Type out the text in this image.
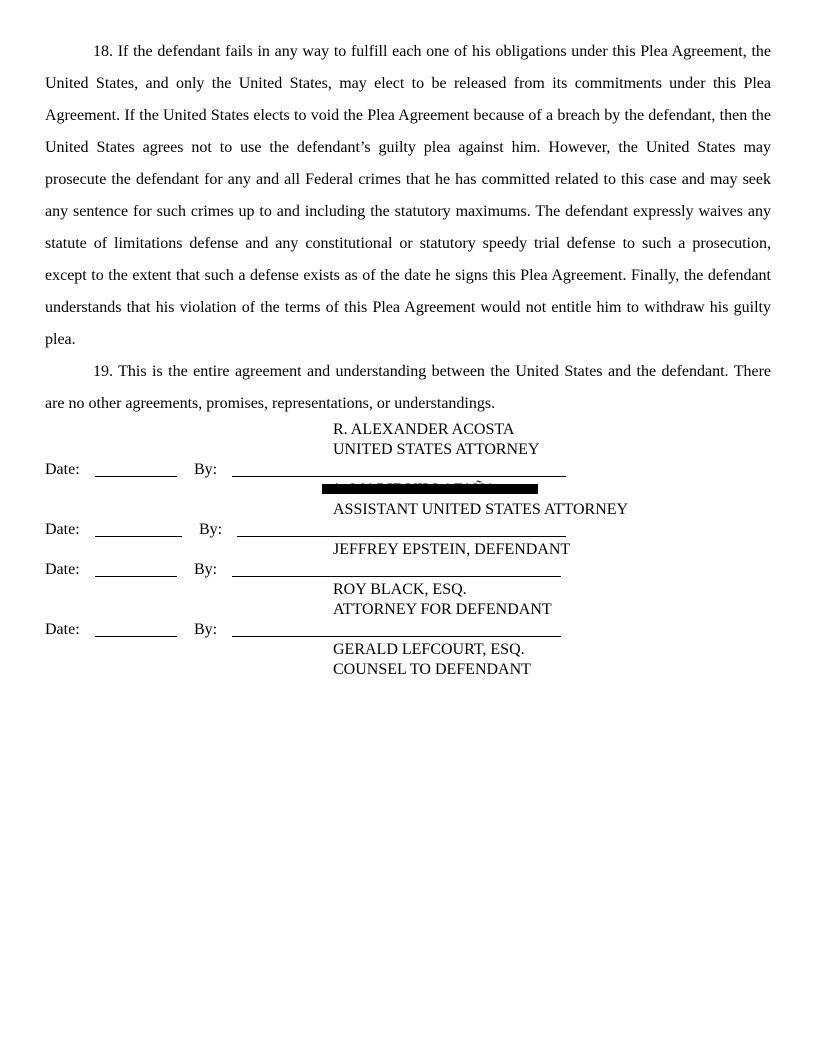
18. If the defendant fails in any way to fulfill each one of his obligations under this Plea Agreement, the United States, and only the United States, may elect to be released from its commitments under this Plea Agreement. If the United States elects to void the Plea Agreement because of a breach by the defendant, then the United States agrees not to use the defendant’s guilty plea against him. However, the United States may prosecute the defendant for any and all Federal crimes that he has committed related to this case and may seek any sentence for such crimes up to and including the statutory maximums. The defendant expressly waives any statute of limitations defense and any constitutional or statutory speedy trial defense to such a prosecution, except to the extent that such a defense exists as of the date he signs this Plea Agreement. Finally, the defendant understands that his violation of the terms of this Plea Agreement would not entitle him to withdraw his guilty plea.

19. This is the entire agreement and understanding between the United States and the defendant. There are no other agreements, promises, representations, or understandings.

R. ALEXANDER ACOSTA
UNITED STATES ATTORNEY
Date:	By:
ASSISTANT UNITED STATES ATTORNEY
Date:	By:
JEFFREY EPSTEIN, DEFENDANT
Date:	By:
ROY BLACK, ESQ.
ATTORNEY FOR DEFENDANT
Date:	By:
GERALD LEFCOURT, ESQ.
COUNSEL TO DEFENDANT
